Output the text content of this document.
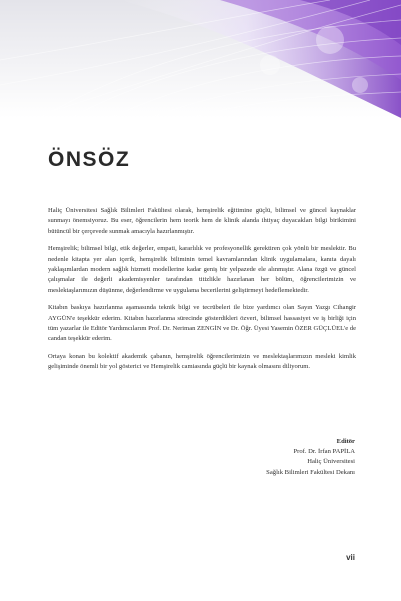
ÖNSÖZ

Haliç Üniversitesi Sağlık Bilimleri Fakültesi olarak, hemşirelik eğitimine güçlü, bilimsel ve güncel kaynaklar sunmayı önemsiyoruz. Bu eser, öğrencilerin hem teorik hem de klinik alanda ihtiyaç duyacakları bilgi birikimini bütüncül bir çerçevede sunmak amacıyla hazırlanmıştır.

Hemşirelik; bilimsel bilgi, etik değerler, empati, kararlılık ve profesyonellik gerektiren çok yönlü bir meslektir. Bu nedenle kitapta yer alan içerik, hemşirelik biliminin temel kavramlarından klinik uygulamalara, kanıta dayalı yaklaşımlardan modern sağlık hizmeti modellerine kadar geniş bir yelpazede ele alınmıştır. Alana özgü ve güncel çalışmalar ile değerli akademisyenler tarafından titizlikle hazırlanan her bölüm, öğrencilerimizin ve meslektaşlarımızın düşünme, değerlendirme ve uygulama becerilerini geliştirmeyi hedeflemektedir.

Kitabın baskıya hazırlanma aşamasında teknik bilgi ve tecrübeleri ile bize yardımcı olan Sayın Yazgı Cihangir AYGÜN'e teşekkür ederim. Kitabın hazırlanma sürecinde gösterdikleri özveri, bilimsel hassasiyet ve iş birliği için tüm yazarlar ile Editör Yardımcılarım Prof. Dr. Neriman ZENGİN ve Dr. Öğr. Üyesi Yasemin ÖZER GÜÇLÜEL'e de candan teşekkür ederim.

Ortaya konan bu kolektif akademik çabanın, hemşirelik öğrencilerimizin ve meslektaşlarımızın mesleki kimlik gelişiminde önemli bir yol gösterici ve Hemşirelik camiasında güçlü bir kaynak olmasını diliyorum.

Editör
Prof. Dr. İrfan PAPİLA
Haliç Üniversitesi
Sağlık Bilimleri Fakültesi Dekanı
vii
